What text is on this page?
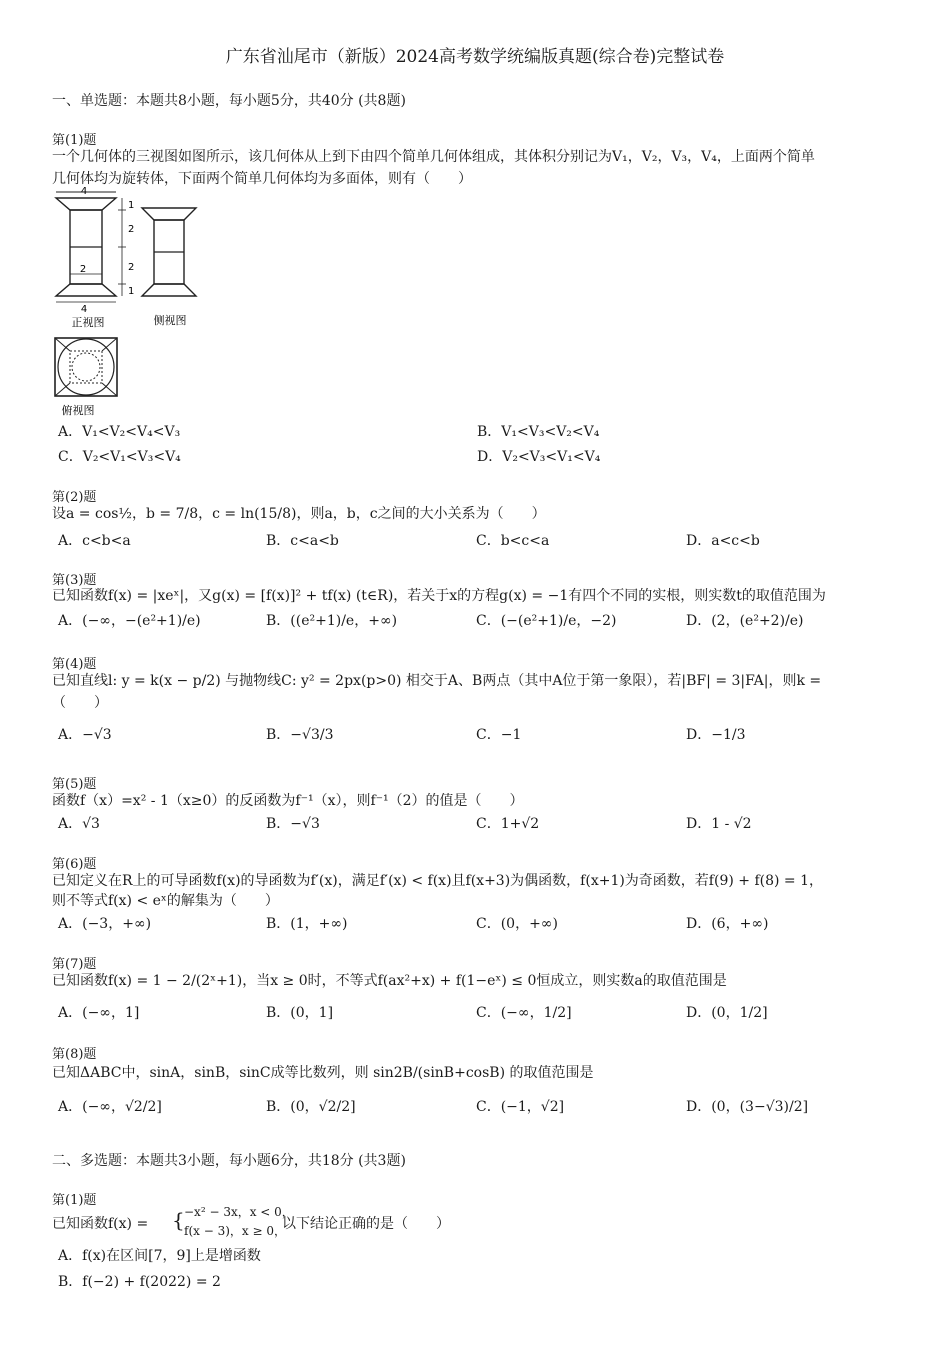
广东省汕尾市（新版）2024高考数学统编版真题(综合卷)完整试卷
一、单选题：本题共8小题，每小题5分，共40分 (共8题)
第(1)题
一个几何体的三视图如图所示，该几何体从上到下由四个简单几何体组成，其体积分别记为V₁，V₂，V₃，V₄，上面两个简单
几何体均为旋转体，下面两个简单几何体均为多面体，则有（　　）
4
2
4
1
2
2
1
正视图	侧视图
俯视图
A．V₁<V₂<V₄<V₃	B．V₁<V₃<V₂<V₄
C．V₂<V₁<V₃<V₄	D．V₂<V₃<V₁<V₄
第(2)题
设a = cos½，b = 7/8，c = ln(15/8)，则a，b，c之间的大小关系为（　　）
A．c<b<a	B．c<a<b	C．b<c<a	D．a<c<b
第(3)题
已知函数f(x) = |xeˣ|，又g(x) = [f(x)]² + tf(x) (t∈R)，若关于x的方程g(x) = −1有四个不同的实根，则实数t的取值范围为
A．(−∞，−(e²+1)/e)	B．((e²+1)/e，+∞)	C．(−(e²+1)/e，−2)	D．(2，(e²+2)/e)
第(4)题
已知直线l: y = k(x − p/2) 与抛物线C: y² = 2px(p>0) 相交于A、B两点（其中A位于第一象限），若|BF| = 3|FA|，则k =
（　　）
A．−√3	B．−√3/3	C．−1	D．−1/3
第(5)题
函数f（x）=x² - 1（x≥0）的反函数为f⁻¹（x），则f⁻¹（2）的值是（　　）
A．√3	B．−√3	C．1+√2	D．1 - √2
第(6)题
已知定义在R上的可导函数f(x)的导函数为f′(x)，满足f′(x) < f(x)且f(x+3)为偶函数，f(x+1)为奇函数，若f(9) + f(8) = 1，
则不等式f(x) < eˣ的解集为（　　）
A．(−3，+∞)	B．(1，+∞)	C．(0，+∞)	D．(6，+∞)
第(7)题
已知函数f(x) = 1 − 2/(2ˣ+1)，当x ≥ 0时，不等式f(ax²+x) + f(1−eˣ) ≤ 0恒成立，则实数a的取值范围是
A．(−∞，1]	B．(0，1]	C．(−∞，1/2]	D．(0，1/2]
第(8)题
已知ΔABC中，sinA，sinB，sinC成等比数列，则 sin2B/(sinB+cosB) 的取值范围是
A．(−∞，√2/2]	B．(0，√2/2]	C．(−1，√2]	D．(0，(3−√3)/2]
二、多选题：本题共3小题，每小题6分，共18分 (共3题)
第(1)题
已知函数f(x) = { −x² − 3x，x < 0，
f(x − 3)，x ≥ 0，
以下结论正确的是（　　）
A．f(x)在区间[7，9]上是增函数
B．f(−2) + f(2022) = 2
